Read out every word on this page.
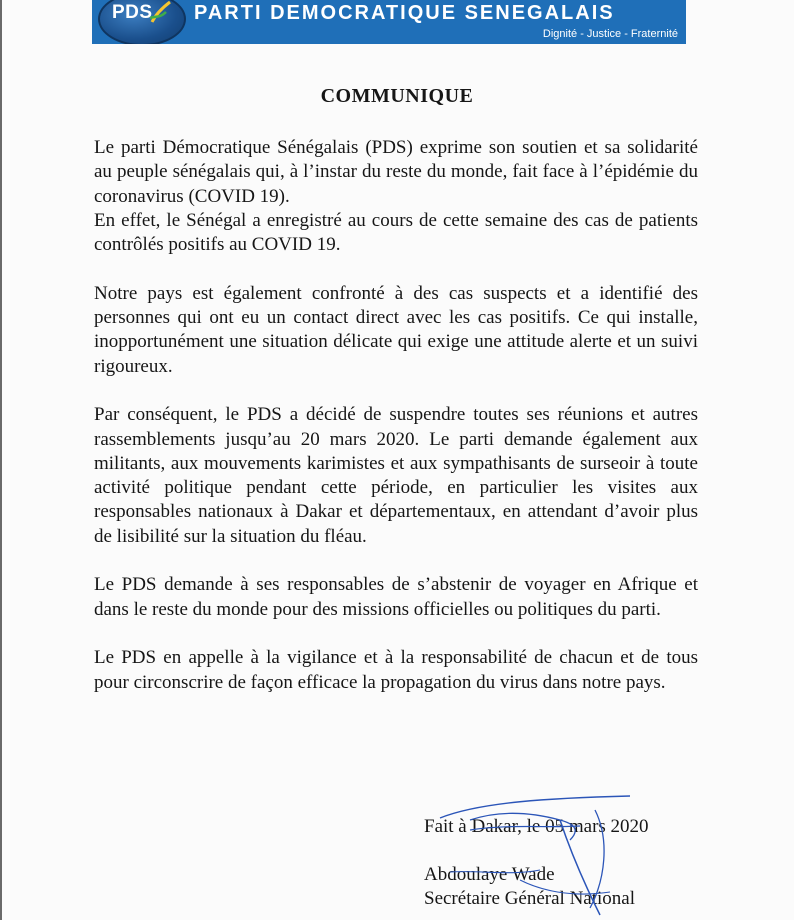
PDS PARTI DEMOCRATIQUE SENEGALAIS
Dignité - Justice - Fraternité
COMMUNIQUE

Le parti Démocratique Sénégalais (PDS) exprime son soutien et sa solidarité au peuple sénégalais qui, à l’instar du reste du monde, fait face à l’épidémie du coronavirus (COVID 19).

En effet, le Sénégal a enregistré au cours de cette semaine des cas de patients contrôlés positifs au COVID 19.

Notre pays est également confronté à des cas suspects et a identifié des personnes qui ont eu un contact direct avec les cas positifs. Ce qui installe, inopportunément une situation délicate qui exige une attitude alerte et un suivi rigoureux.

Par conséquent, le PDS a décidé de suspendre toutes ses réunions et autres rassemblements jusqu’au 20 mars 2020. Le parti demande également aux militants, aux mouvements karimistes et aux sympathisants de surseoir à toute activité politique pendant cette période, en particulier les visites aux responsables nationaux à Dakar et départementaux, en attendant d’avoir plus de lisibilité sur la situation du fléau.

Le PDS demande à ses responsables de s’abstenir de voyager en Afrique et dans le reste du monde pour des missions officielles ou politiques du parti.

Le PDS en appelle à la vigilance et à la responsabilité de chacun et de tous pour circonscrire de façon efficace la propagation du virus dans notre pays.

Fait à Dakar, le 05 mars 2020
Abdoulaye Wade
Secrétaire Général National
